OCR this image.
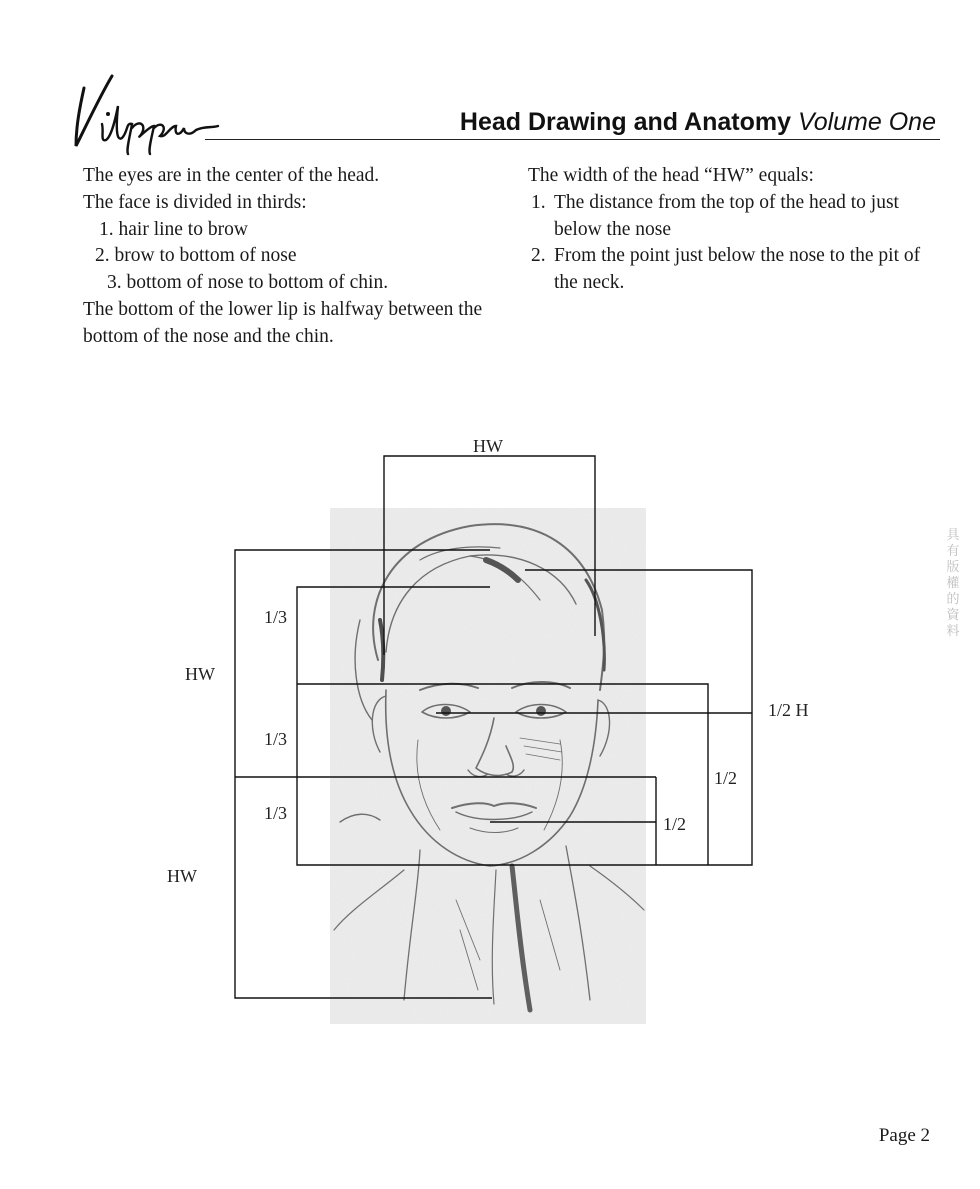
Head Drawing and Anatomy Volume One

The eyes are in the center of the head.

The face is divided in thirds:

1. hair line to brow

2. brow to bottom of nose

3. bottom of nose to bottom of chin.

The bottom of the lower lip is halfway between the bottom of the nose and the chin.

The width of the head “HW” equals:

1. The distance from the top of the head to just below the nose

2. From the point just below the nose to the pit of the neck.

HW
HW
HW
1/3
1/3
1/3
1/2 H
1/2
1/2
具有版權的資料
Page 2
